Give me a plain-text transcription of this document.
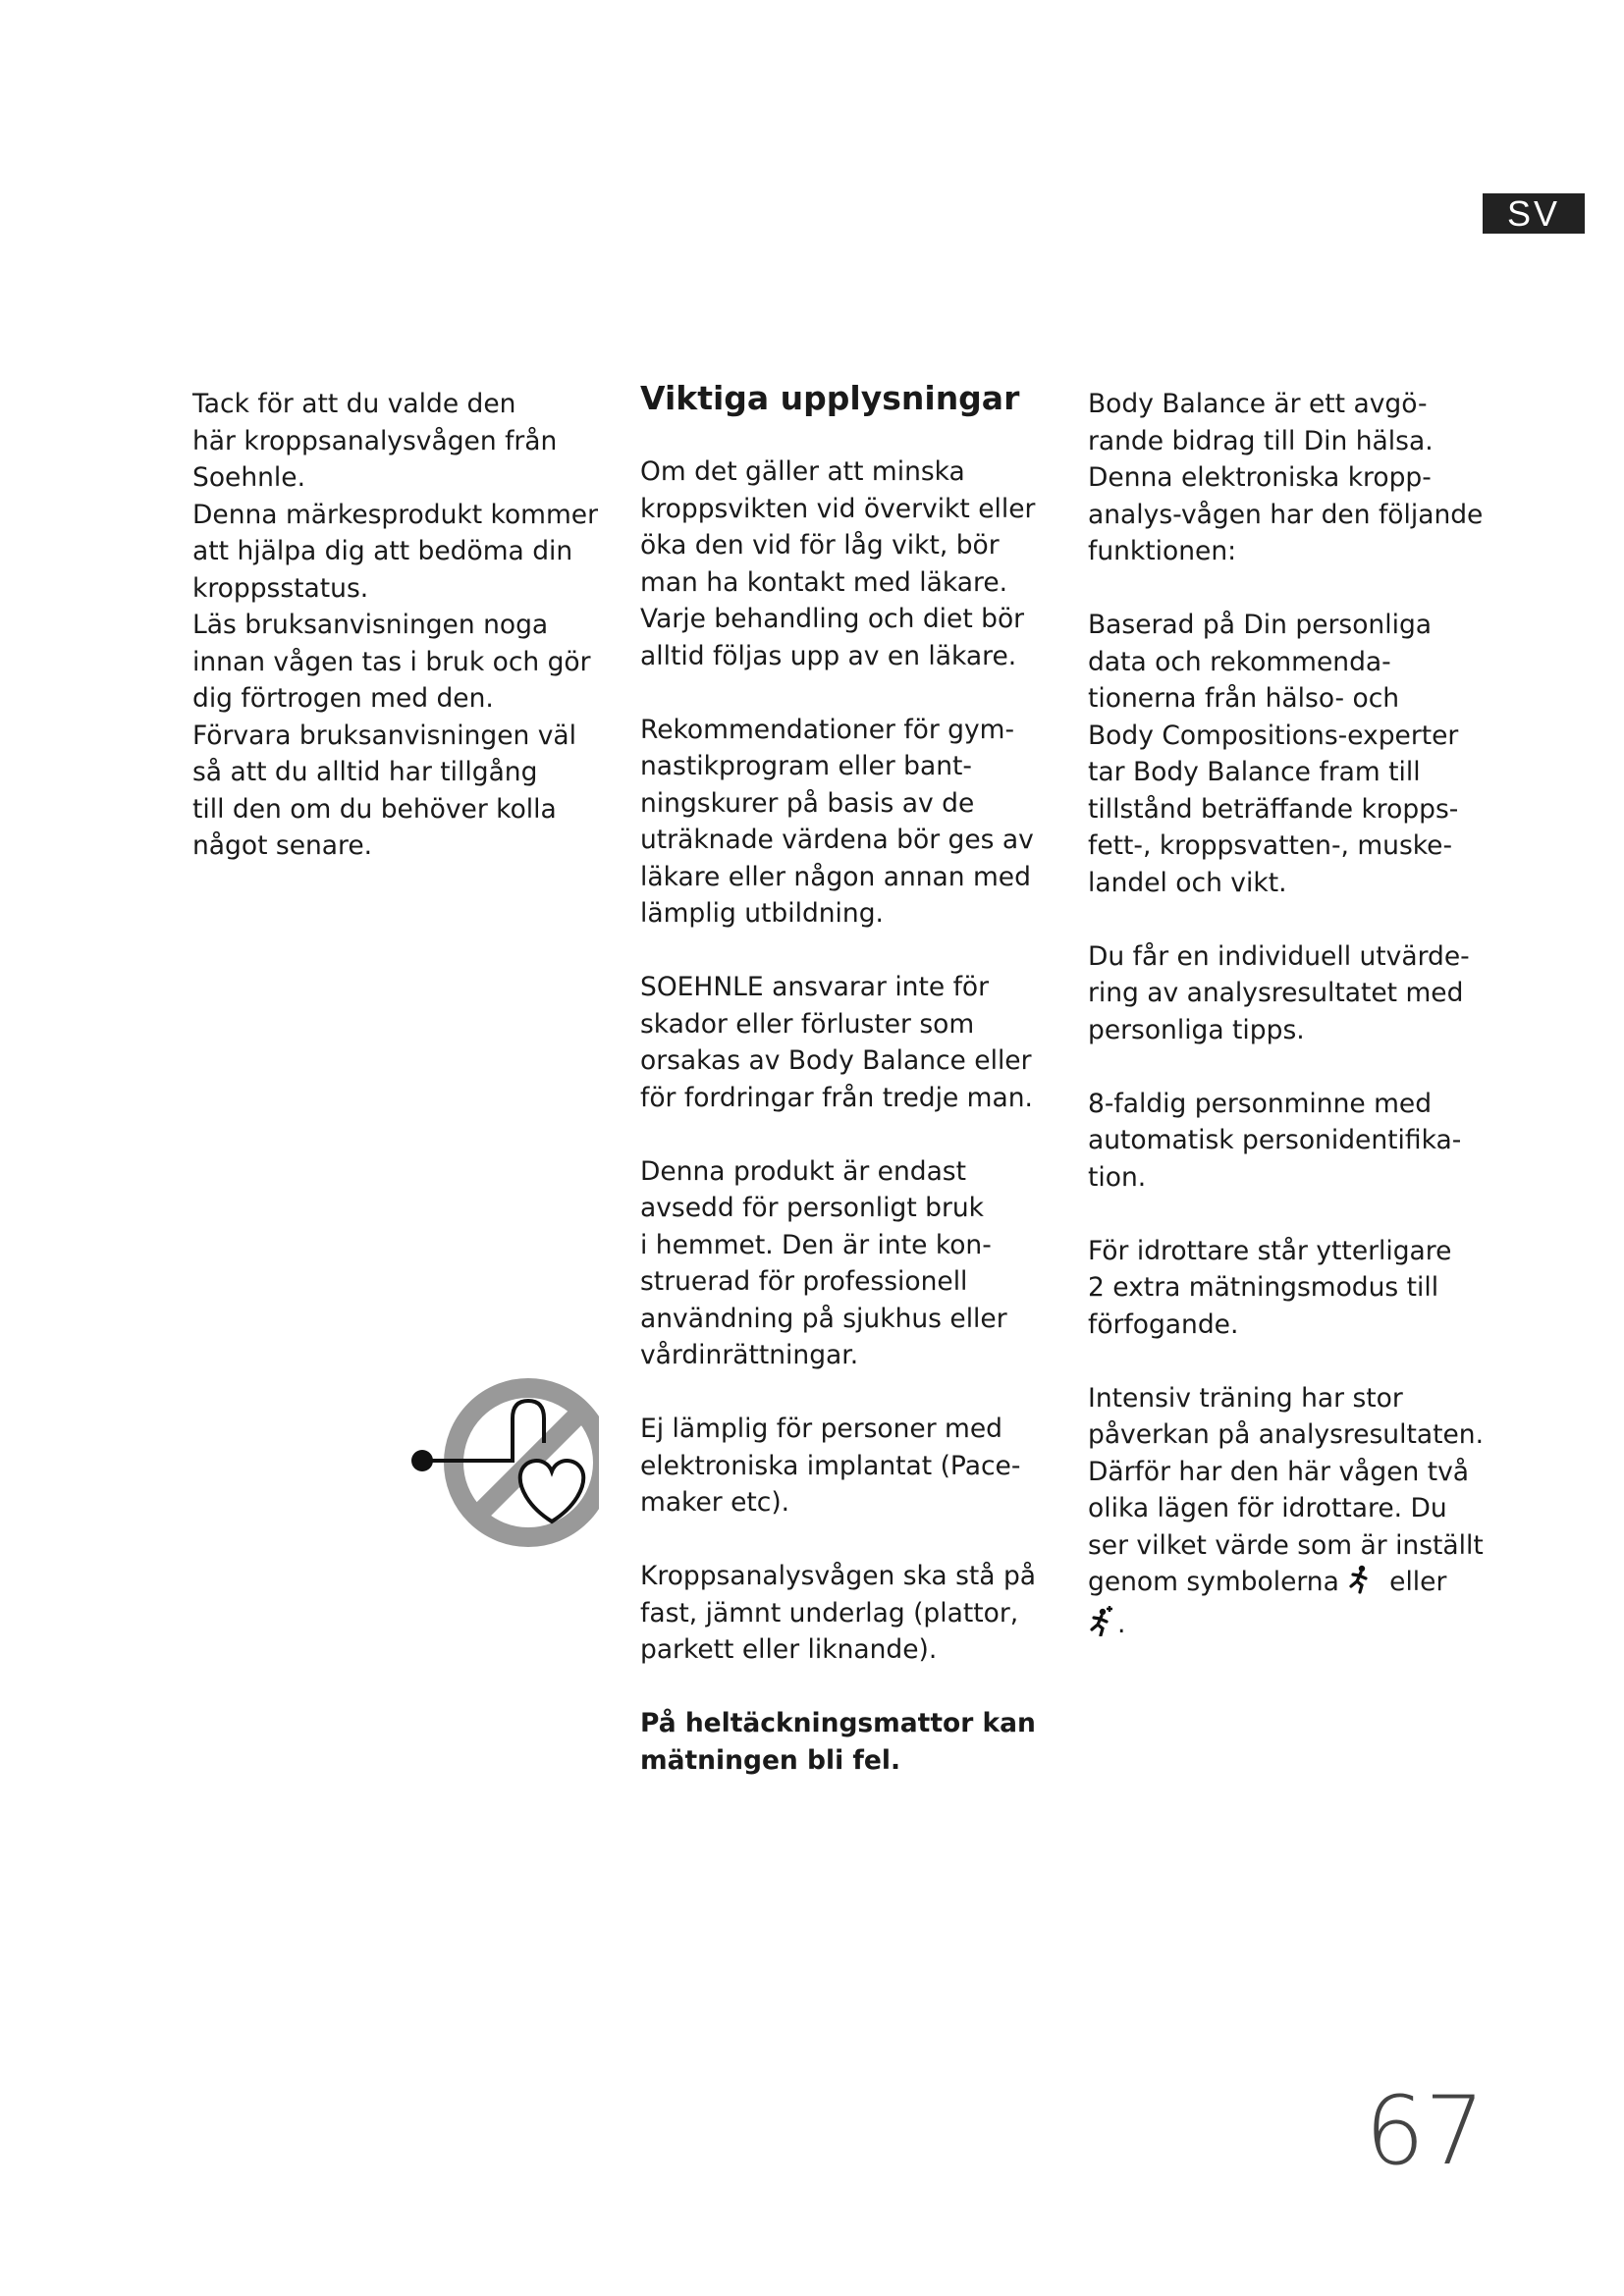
SV

Tack för att du valde den
här kroppsanalysvågen från
Soehnle.
Denna märkesprodukt kommer
att hjälpa dig att bedöma din
kroppsstatus.
Läs bruksanvisningen noga
innan vågen tas i bruk och gör
dig förtrogen med den.
Förvara bruksanvisningen väl
så att du alltid har tillgång
till den om du behöver kolla
något senare.

Viktiga upplysningar

Om det gäller att minska
kroppsvikten vid övervikt eller
öka den vid för låg vikt, bör
man ha kontakt med läkare.
Varje behandling och diet bör
alltid följas upp av en läkare.

Rekommendationer för gym-
nastikprogram eller bant-
ningskurer på basis av de
uträknade värdena bör ges av
läkare eller någon annan med
lämplig utbildning.

SOEHNLE ansvarar inte för
skador eller förluster som
orsakas av Body Balance eller
för fordringar från tredje man.

Denna produkt är endast
avsedd för personligt bruk
i hemmet. Den är inte kon-
struerad för professionell
användning på sjukhus eller
vårdinrättningar.

Ej lämplig för personer med
elektroniska implantat (Pace-
maker etc).

Kroppsanalysvågen ska stå på
fast, jämnt underlag (plattor,
parkett eller liknande).

På heltäckningsmattor kan
mätningen bli fel.

Body Balance är ett avgö-
rande bidrag till Din hälsa.
Denna elektroniska kropp-
analys-vågen har den följande
funktionen:

Baserad på Din personliga
data och rekommenda-
tionerna från hälso- och
Body Compositions-experter
tar Body Balance fram till
tillstånd beträffande kropps-
fett-, kroppsvatten-, muske-
landel och vikt.

Du får en individuell utvärde-
ring av analysresultatet med
personliga tipps.

8-faldig personminne med
automatisk personidentifika-
tion.

För idrottare står ytterligare
2 extra mätningsmodus till
förfogande.

Intensiv träning har stor
påverkan på analysresultaten.
Därför har den här vågen två
olika lägen för idrottare. Du
ser vilket värde som är inställt
genom symbolerna eller
.

67
